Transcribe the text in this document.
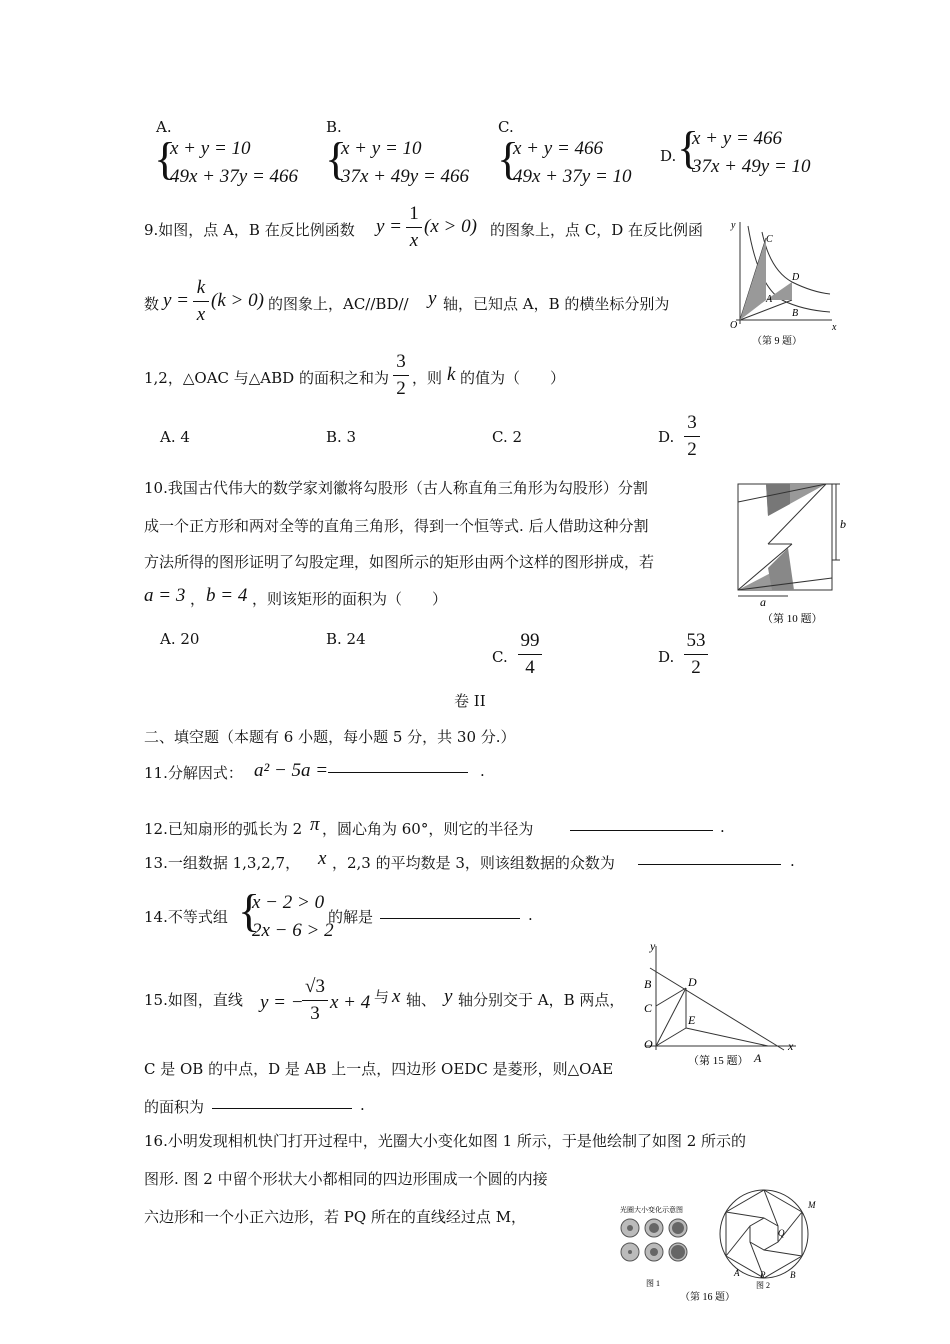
A.
{
x + y = 10
49x + 37y = 466
B.
{
x + y = 10
37x + 49y = 466
C.
{
x + y = 466
49x + 37y = 10
D. {
x + y = 466
37x + 49y = 10
9.如图，点 A，B 在反比例函数 y =
1
x
(x > 0) 的图象上，点 C，D 在反比例函
数 y =
k
x
(k > 0) 的图象上，AC//BD// y 轴，已知点 A，B 的横坐标分别为
1,2，△OAC 与△ABD 的面积之和为
3
2 ，则 k 的值为（　　）
A. 4	B. 3	C. 2	D.
3
2
y
x
O
C
D
A
B
（第 9 题）
10.我国古代伟大的数学家刘徽将勾股形（古人称直角三角形为勾股形）分割
成一个正方形和两对全等的直角三角形，得到一个恒等式. 后人借助这种分割
方法所得的图形证明了勾股定理，如图所示的矩形由两个这样的图形拼成，若
a = 3 ， b = 4 ，则该矩形的面积为（　　）
A. 20	B. 24
C.
99
4	D.
53
2
b
a
（第 10 题）
卷 II
二、填空题（本题有 6 小题，每小题 5 分，共 30 分.）
11.分解因式： a² − 5a =	.
12.已知扇形的弧长为 2 π ，圆心角为 60°，则它的半径为	.
13.一组数据 1,3,2,7， x ，2,3 的平均数是 3，则该组数据的众数为	.
14.不等式组 {
x − 2 > 0
2x − 6 > 2
的解是	.
15.如图，直线 y = −
√3
3
x + 4 与 x 轴、 y 轴分别交于 A，B 两点，
C 是 OB 的中点，D 是 AB 上一点，四边形 OEDC 是菱形，则△OAE
的面积为	.
y
x
B	D
C
E
O
A
（第 15 题）
16.小明发现相机快门打开过程中，光圈大小变化如图 1 所示，于是他绘制了如图 2 所示的
图形. 图 2 中留个形状大小都相同的四边形围成一个圆的内接
六边形和一个小正六边形，若 PQ 所在的直线经过点 M，	光圈大小变化示意图
图 1
M
Q
A P	B
图 2
（第 16 题）
